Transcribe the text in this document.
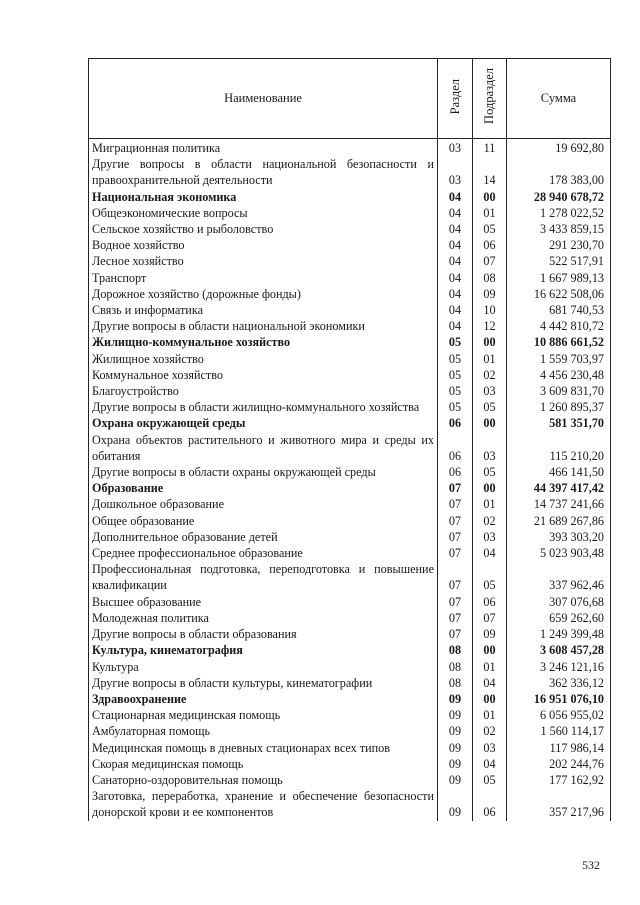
Наименование	Раздел	Подраздел	Сумма
Миграционная политика	03	11	19 692,80
Другие вопросы в области национальной безопасности и правоохранительной деятельности	03	14	178 383,00
Национальная экономика	04	00	28 940 678,72
Общеэкономические вопросы	04	01	1 278 022,52
Сельское хозяйство и рыболовство	04	05	3 433 859,15
Водное хозяйство	04	06	291 230,70
Лесное хозяйство	04	07	522 517,91
Транспорт	04	08	1 667 989,13
Дорожное хозяйство (дорожные фонды)	04	09	16 622 508,06
Связь и информатика	04	10	681 740,53
Другие вопросы в области национальной экономики	04	12	4 442 810,72
Жилищно-коммунальное хозяйство	05	00	10 886 661,52
Жилищное хозяйство	05	01	1 559 703,97
Коммунальное хозяйство	05	02	4 456 230,48
Благоустройство	05	03	3 609 831,70
Другие вопросы в области жилищно-коммунального хозяйства	05	05	1 260 895,37
Охрана окружающей среды	06	00	581 351,70
Охрана объектов растительного и животного мира и среды их обитания	06	03	115 210,20
Другие вопросы в области охраны окружающей среды	06	05	466 141,50
Образование	07	00	44 397 417,42
Дошкольное образование	07	01	14 737 241,66
Общее образование	07	02	21 689 267,86
Дополнительное образование детей	07	03	393 303,20
Среднее профессиональное образование	07	04	5 023 903,48
Профессиональная подготовка, переподготовка и повышение квалификации	07	05	337 962,46
Высшее образование	07	06	307 076,68
Молодежная политика	07	07	659 262,60
Другие вопросы в области образования	07	09	1 249 399,48
Культура, кинематография	08	00	3 608 457,28
Культура	08	01	3 246 121,16
Другие вопросы в области культуры, кинематографии	08	04	362 336,12
Здравоохранение	09	00	16 951 076,10
Стационарная медицинская помощь	09	01	6 056 955,02
Амбулаторная помощь	09	02	1 560 114,17
Медицинская помощь в дневных стационарах всех типов	09	03	117 986,14
Скорая медицинская помощь	09	04	202 244,76
Санаторно-оздоровительная помощь	09	05	177 162,92
Заготовка, переработка, хранение и обеспечение безопасности донорской крови и ее компонентов	09	06	357 217,96
532
